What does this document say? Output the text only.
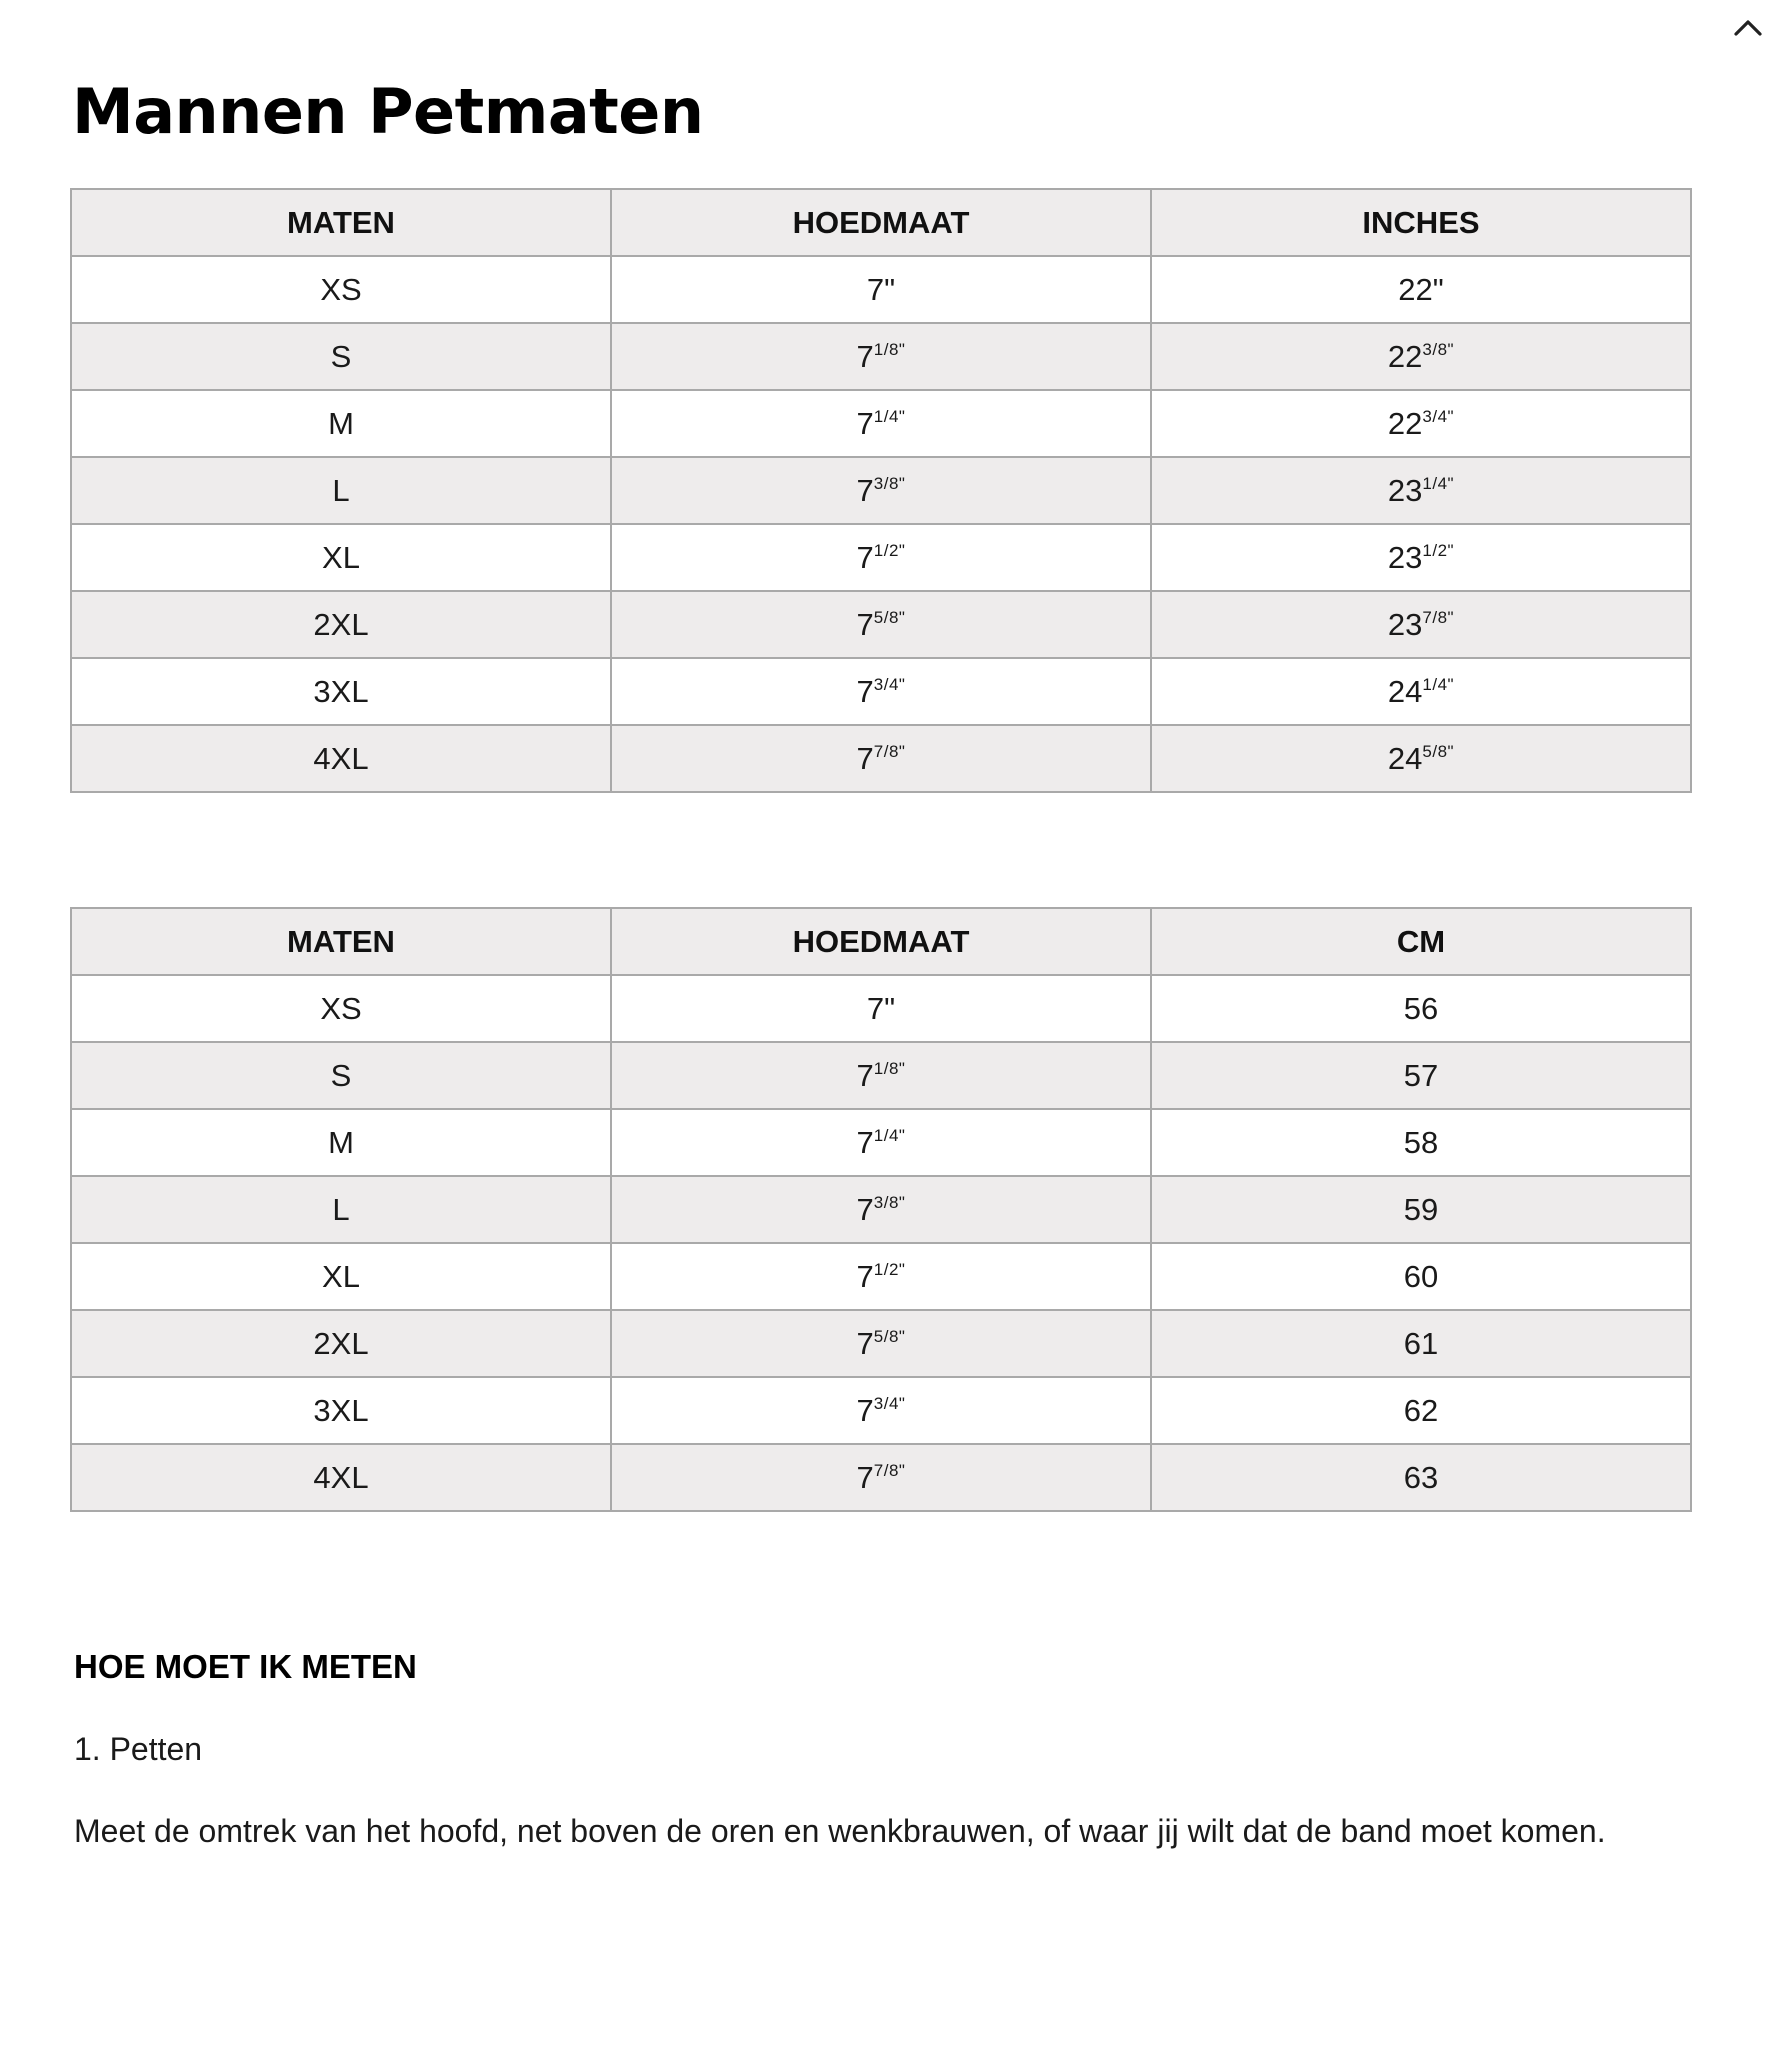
Mannen Petmaten
MATEN	HOEDMAAT	INCHES
XS	7"	22"
S	$7^{1/8"}$	$22^{3/8"}$
M	$7^{1/4"}$	$22^{3/4"}$
L	$7^{3/8"}$	$23^{1/4"}$
XL	$7^{1/2"}$	$23^{1/2"}$
2XL	$7^{5/8"}$	$23^{7/8"}$
3XL	$7^{3/4"}$	$24^{1/4"}$
4XL	$7^{7/8"}$	$24^{5/8"}$
MATEN	HOEDMAAT	CM
XS	7"	56
S	$7^{1/8"}$	57
M	$7^{1/4"}$	58
L	$7^{3/8"}$	59
XL	$7^{1/2"}$	60
2XL	$7^{5/8"}$	61
3XL	$7^{3/4"}$	62
4XL	$7^{7/8"}$	63
HOE MOET IK METEN

1. Petten

Meet de omtrek van het hoofd, net boven de oren en wenkbrauwen, of waar jij wilt dat de band moet komen.
